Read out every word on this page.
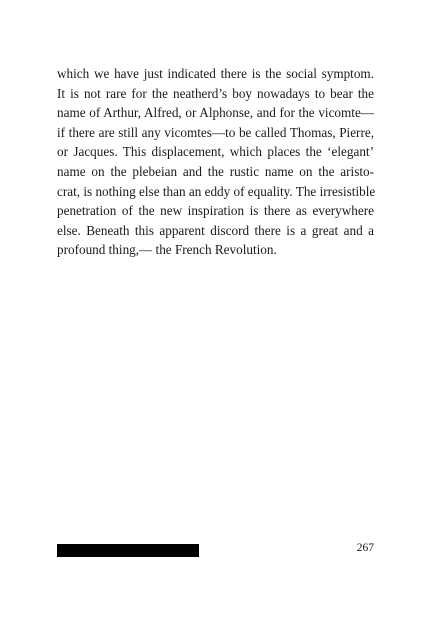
which we have just indicated there is the social symptom.
It is not rare for the neatherd’s boy nowadays to bear the
name of Arthur, Alfred, or Alphonse, and for the vicomte—
if there are still any vicomtes—to be called Thomas, Pierre,
or Jacques. This displacement, which places the ‘elegant’
name on the plebeian and the rustic name on the aristo-
crat, is nothing else than an eddy of equality. The irresistible
penetration of the new inspiration is there as everywhere
else. Beneath this apparent discord there is a great and a
profound thing,— the French Revolution.
267
